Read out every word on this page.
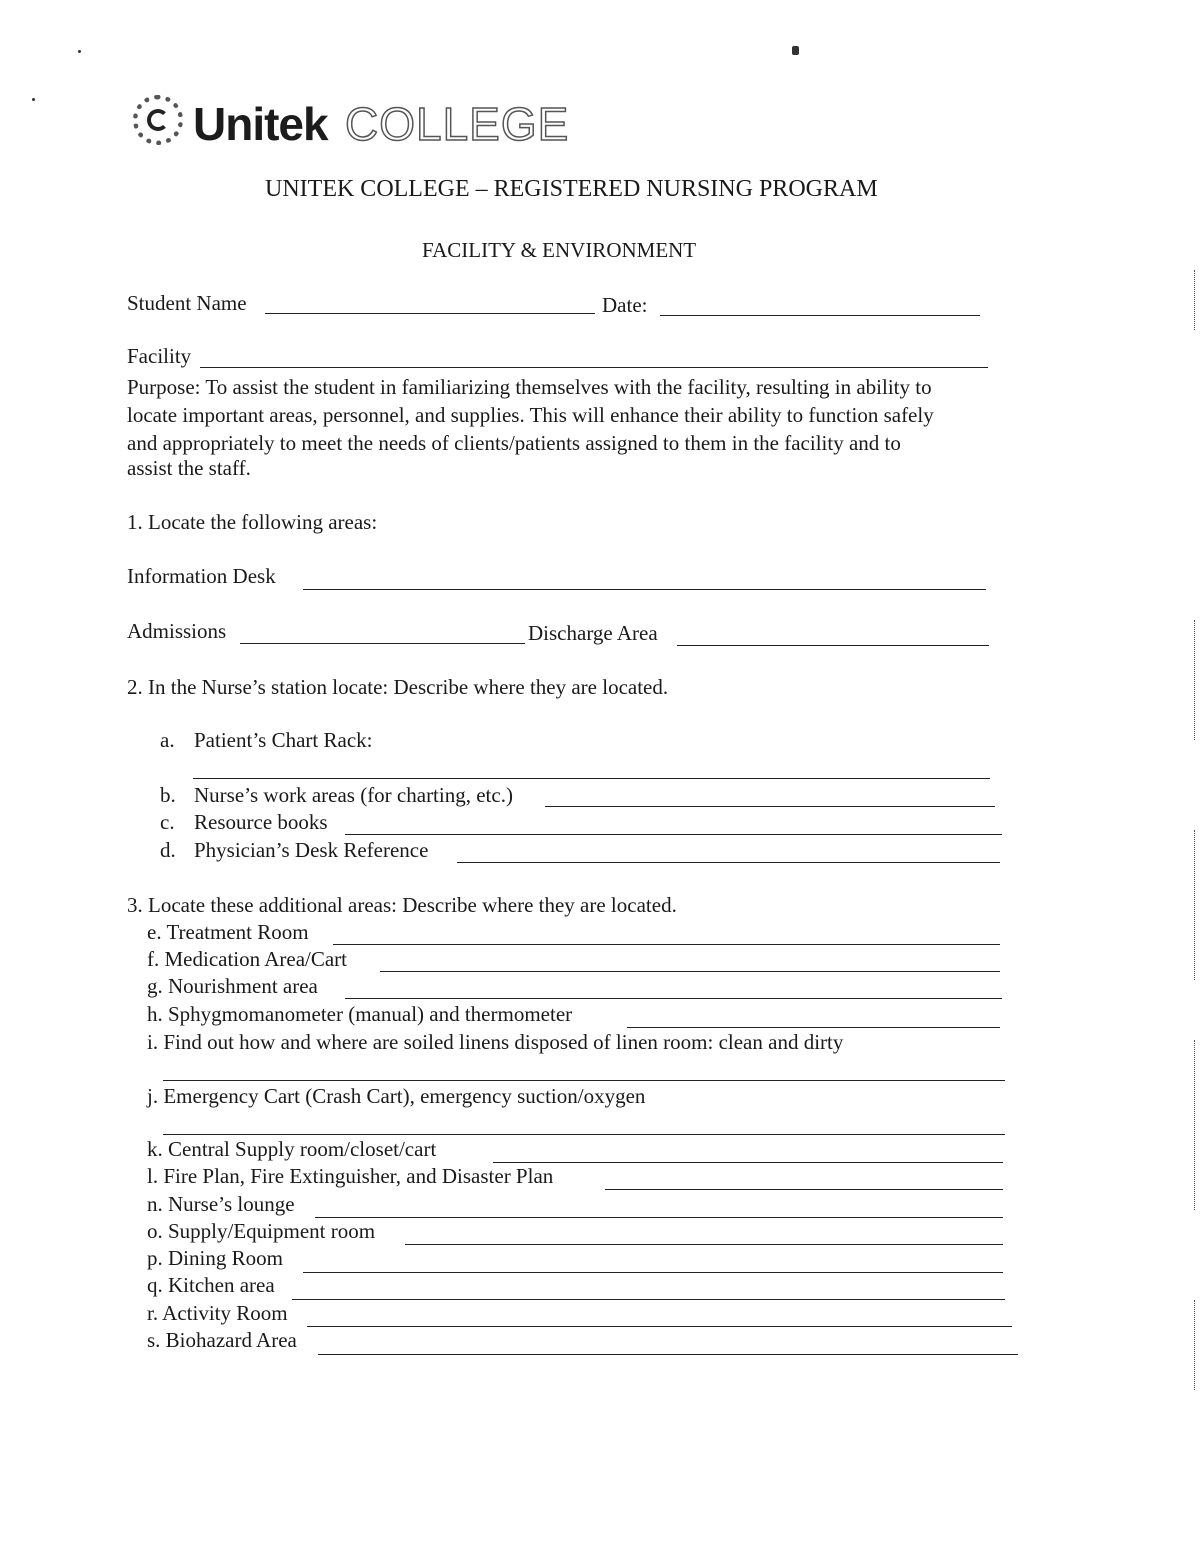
Unitek COLLEGE
UNITEK COLLEGE – REGISTERED NURSING PROGRAM
FACILITY & ENVIRONMENT
Student Name	Date:
Facility
Purpose: To assist the student in familiarizing themselves with the facility, resulting in ability to
locate important areas, personnel, and supplies. This will enhance their ability to function safely
and appropriately to meet the needs of clients/patients assigned to them in the facility and to
assist the staff.
1. Locate the following areas:
Information Desk
Admissions	Discharge Area
2. In the Nurse’s station locate: Describe where they are located.
a. Patient’s Chart Rack:
b. Nurse’s work areas (for charting, etc.)
c. Resource books
d. Physician’s Desk Reference
3. Locate these additional areas: Describe where they are located.
e. Treatment Room
f. Medication Area/Cart
g. Nourishment area
h. Sphygmomanometer (manual) and thermometer
i. Find out how and where are soiled linens disposed of linen room: clean and dirty
j. Emergency Cart (Crash Cart), emergency suction/oxygen
k. Central Supply room/closet/cart
l. Fire Plan, Fire Extinguisher, and Disaster Plan
n. Nurse’s lounge
o. Supply/Equipment room
p. Dining Room
q. Kitchen area
r. Activity Room
s. Biohazard Area
